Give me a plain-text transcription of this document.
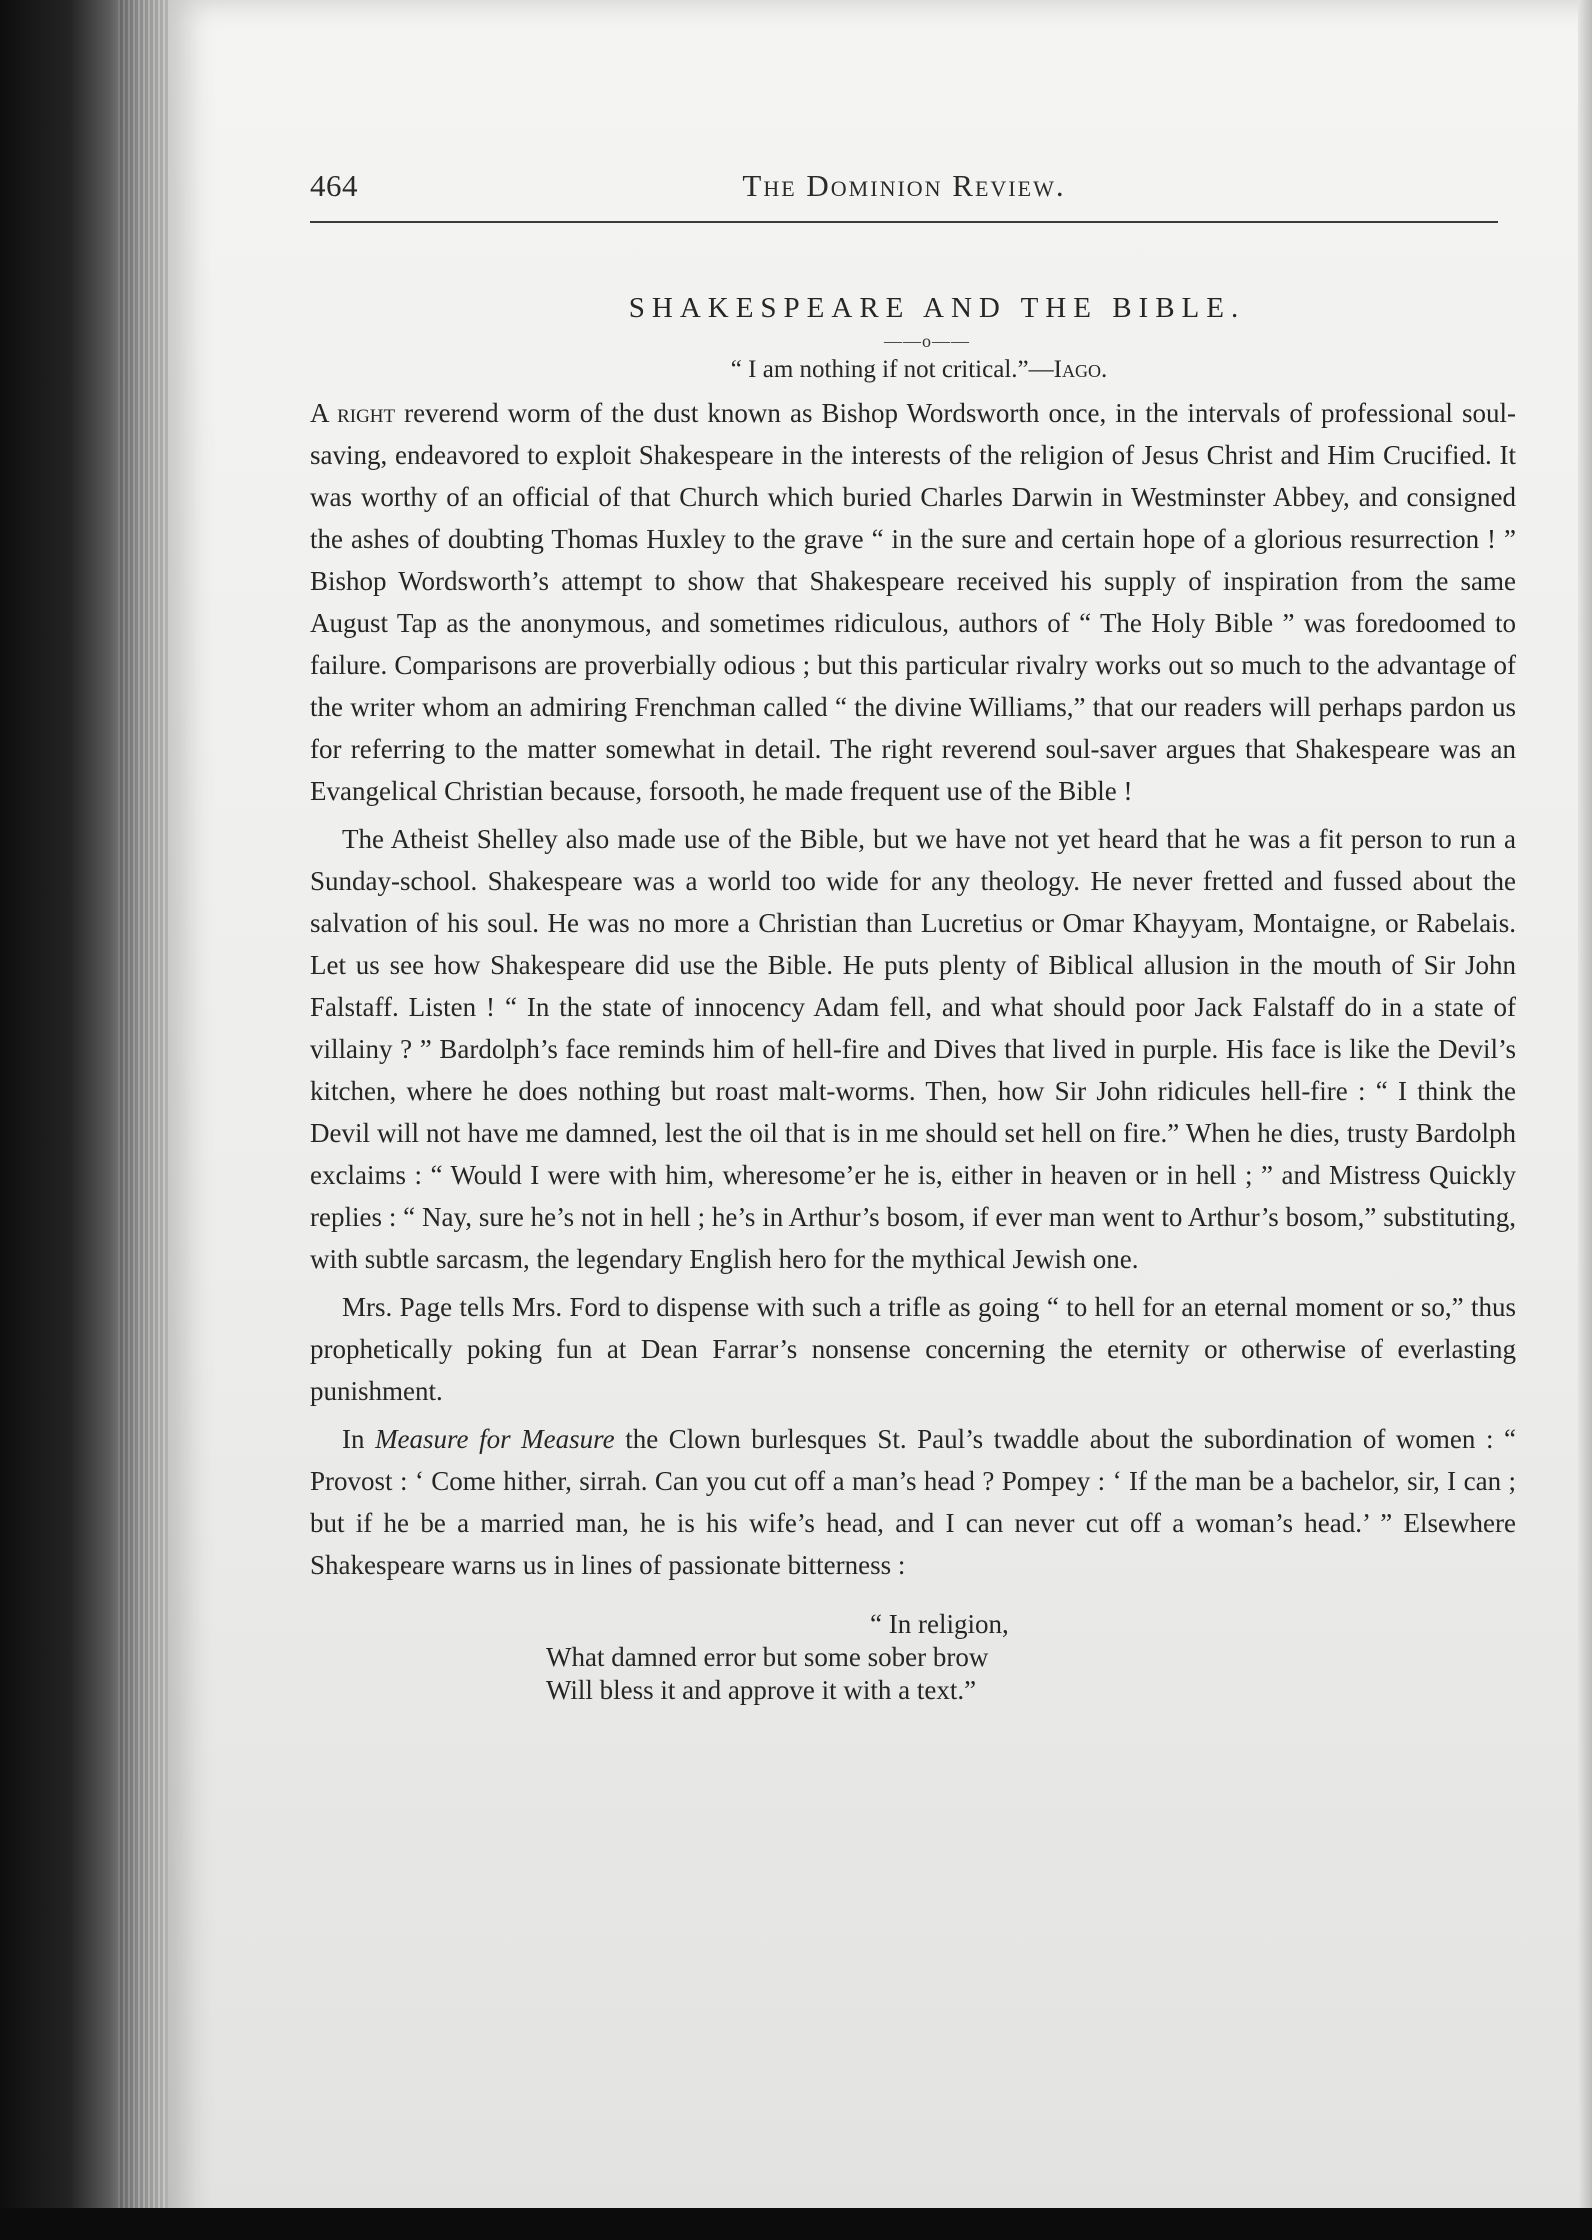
464	The Dominion Review.
SHAKESPEARE AND THE BIBLE.
——o——
“ I am nothing if not critical.”—Iago.

A right reverend worm of the dust known as Bishop Wordsworth once, in the intervals of professional soul-saving, endeavored to exploit Shakespeare in the interests of the religion of Jesus Christ and Him Crucified. It was worthy of an official of that Church which buried Charles Darwin in Westminster Abbey, and consigned the ashes of doubting Thomas Huxley to the grave “ in the sure and certain hope of a glorious resurrection ! ” Bishop Wordsworth’s attempt to show that Shakespeare received his supply of inspiration from the same August Tap as the anonymous, and sometimes ridiculous, authors of “ The Holy Bible ” was foredoomed to failure. Comparisons are proverbially odious ; but this particular rivalry works out so much to the advantage of the writer whom an admiring Frenchman called “ the divine Williams,” that our readers will perhaps pardon us for referring to the matter somewhat in detail. The right reverend soul-saver argues that Shakespeare was an Evangelical Christian because, forsooth, he made frequent use of the Bible !

The Atheist Shelley also made use of the Bible, but we have not yet heard that he was a fit person to run a Sunday-school. Shakespeare was a world too wide for any theology. He never fretted and fussed about the salvation of his soul. He was no more a Christian than Lucretius or Omar Khayyam, Montaigne, or Rabelais. Let us see how Shakespeare did use the Bible. He puts plenty of Biblical allusion in the mouth of Sir John Falstaff. Listen ! “ In the state of innocency Adam fell, and what should poor Jack Falstaff do in a state of villainy ? ” Bardolph’s face reminds him of hell-fire and Dives that lived in purple. His face is like the Devil’s kitchen, where he does nothing but roast malt-worms. Then, how Sir John ridicules hell-fire : “ I think the Devil will not have me damned, lest the oil that is in me should set hell on fire.” When he dies, trusty Bardolph exclaims : “ Would I were with him, wheresome’er he is, either in heaven or in hell ; ” and Mistress Quickly replies : “ Nay, sure he’s not in hell ; he’s in Arthur’s bosom, if ever man went to Arthur’s bosom,” substituting, with subtle sarcasm, the legendary English hero for the mythical Jewish one.

Mrs. Page tells Mrs. Ford to dispense with such a trifle as going “ to hell for an eternal moment or so,” thus prophetically poking fun at Dean Farrar’s nonsense concerning the eternity or otherwise of everlasting punishment.

In Measure for Measure the Clown burlesques St. Paul’s twaddle about the subordination of women : “ Provost : ‘ Come hither, sirrah. Can you cut off a man’s head ? Pompey : ‘ If the man be a bachelor, sir, I can ; but if he be a married man, he is his wife’s head, and I can never cut off a woman’s head.’ ” Elsewhere Shakespeare warns us in lines of passionate bitterness :

“ In religion,
What damned error but some sober brow
Will bless it and approve it with a text.”
